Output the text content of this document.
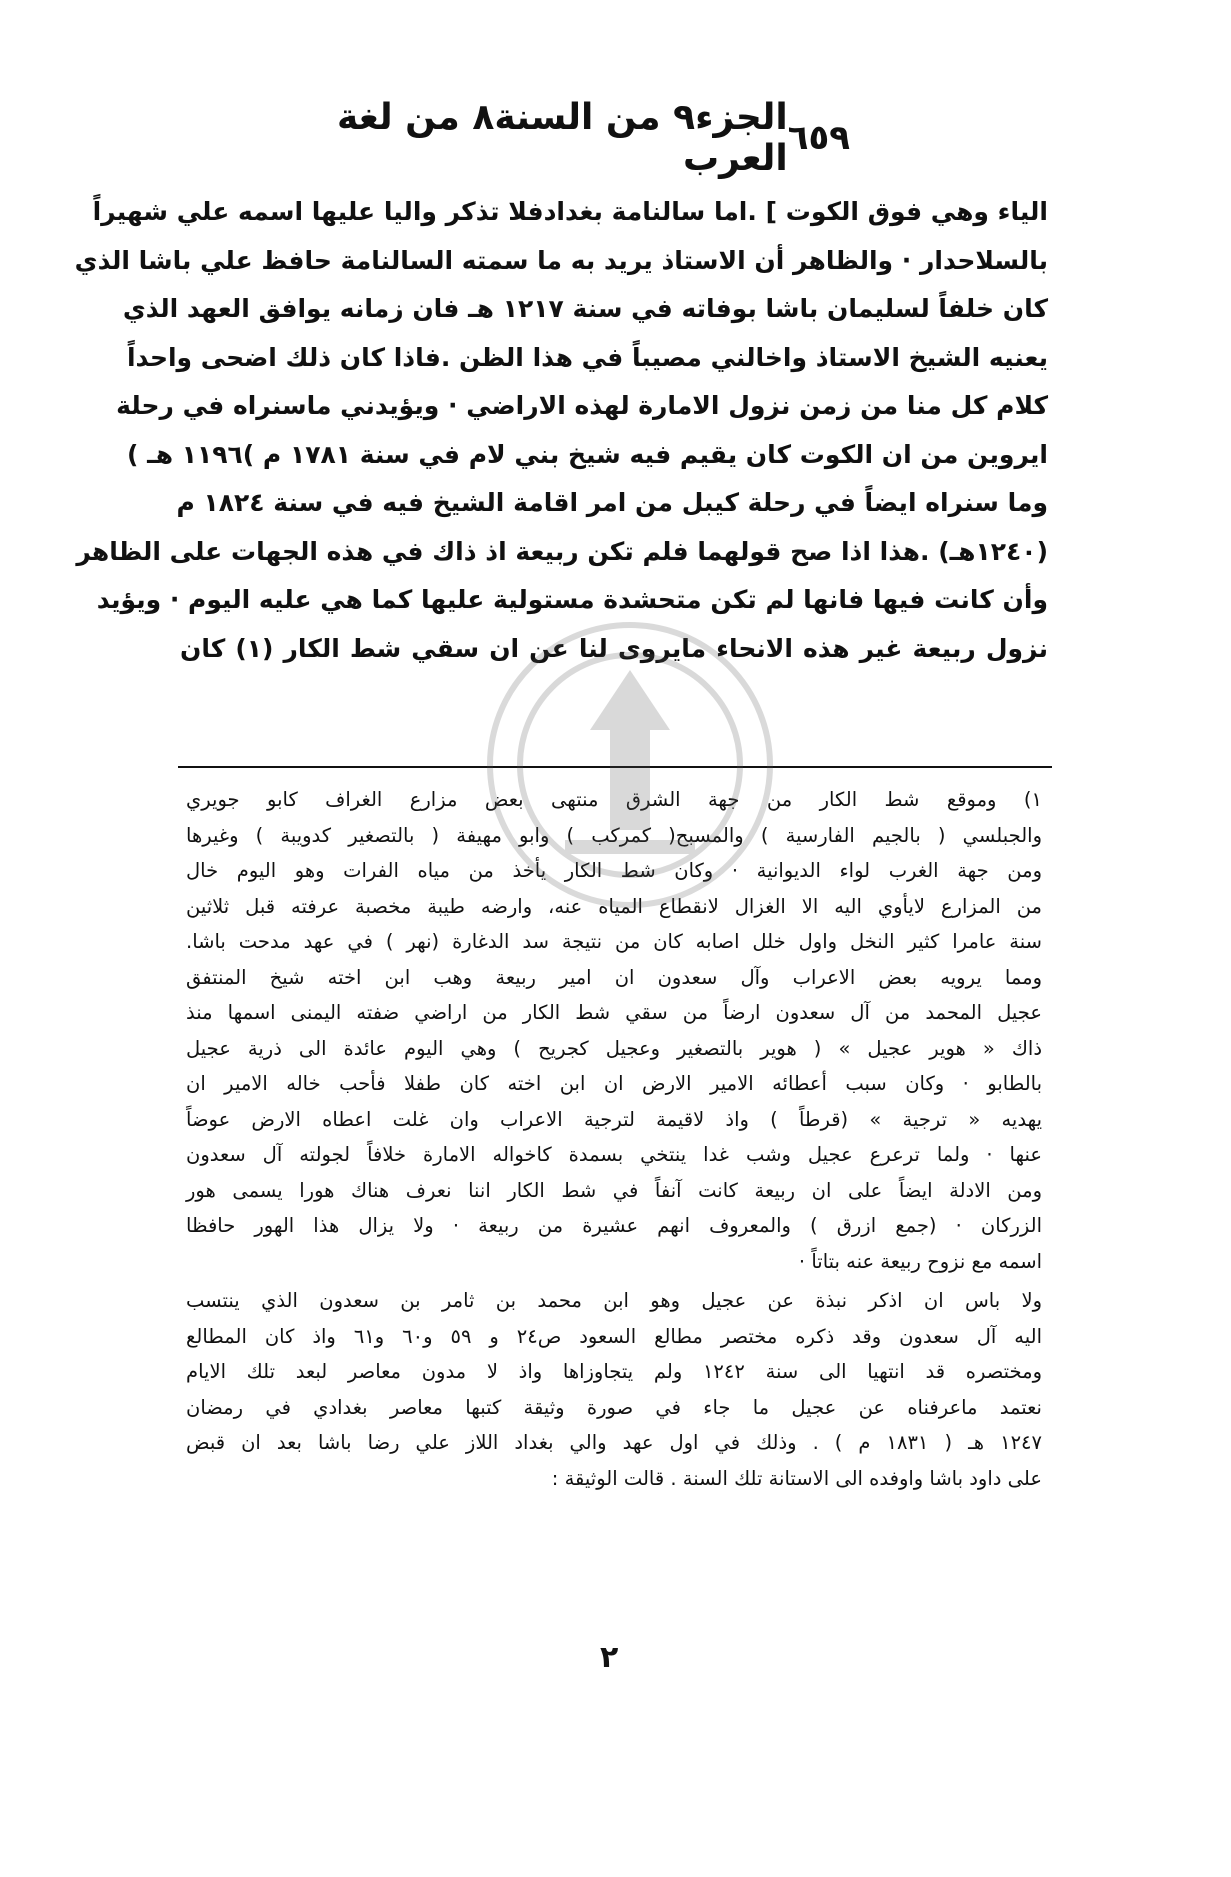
٦٥٩
الجزء٩ من السنة٨ من لغة العرب
الياء وهي فوق الكوت ] .اما سالنامة بغدادفلا تذكر واليا عليها اسمه علي شهيراً
بالسلاحدار · والظاهر أن الاستاذ يريد به ما سمته السالنامة حافظ علي باشا الذي
كان خلفاً لسليمان باشا بوفاته في سنة ١٢١٧ هـ فان زمانه يوافق العهد الذي
يعنيه الشيخ الاستاذ واخالني مصيباً في هذا الظن .فاذا كان ذلك اضحى واحداً
كلام كل منا من زمن نزول الامارة لهذه الاراضي · ويؤيدني ماسنراه في رحلة
ايروين من ان الكوت كان يقيم فيه شيخ بني لام في سنة ١٧٨١ م )١١٩٦ هـ )
وما سنراه ايضاً في رحلة كيبل من امر اقامة الشيخ فيه في سنة ١٨٢٤ م
(١٢٤٠هـ) .هذا اذا صح قولهما فلم تكن ربيعة اذ ذاك في هذه الجهات على الظاهر
وأن كانت فيها فانها لم تكن متحشدة مستولية عليها كما هي عليه اليوم · ويؤيد
نزول ربيعة غير هذه الانحاء مايروى لنا عن ان سقي شط الكار (١) كان
١) وموقع شط الكار من جهة الشرق منتهى بعض مزارع الغراف كابو جويري
والجبلسي ( بالجيم الفارسية ) والمسبح( كمركب ) وابو مهيفة ( بالتصغير كدويبة ) وغيرها
ومن جهة الغرب لواء الديوانية · وكان شط الكار يأخذ من مياه الفرات وهو اليوم خال
من المزارع لايأوي اليه الا الغزال لانقطاع المياه عنه، وارضه طيبة مخصبة عرفته قبل ثلاثين
سنة عامرا كثير النخل واول خلل اصابه كان من نتيجة سد الدغارة (نهر ) في عهد مدحت باشا.
ومما يرويه بعض الاعراب وآل سعدون ان امير ربيعة وهب ابن اخته شيخ المنتفق
عجيل المحمد من آل سعدون ارضاً من سقي شط الكار من اراضي ضفته اليمنى اسمها منذ
ذاك « هوير عجيل » ( هوير بالتصغير وعجيل كجريح ) وهي اليوم عائدة الى ذرية عجيل
بالطابو · وكان سبب أعطائه الامير الارض ان ابن اخته كان طفلا فأحب خاله الامير ان
يهديه « ترجية » (قرطاً ) واذ لاقيمة لترجية الاعراب وان غلت اعطاه الارض عوضاً
عنها · ولما ترعرع عجيل وشب غدا ينتخي بسمدة كاخواله الامارة خلافاً لجولته آل سعدون
ومن الادلة ايضاً على ان ربيعة كانت آنفاً في شط الكار اننا نعرف هناك هورا يسمى هور
الزركان · (جمع ازرق ) والمعروف انهم عشيرة من ربيعة · ولا يزال هذا الهور حافظا
اسمه مع نزوح ربيعة عنه بتاتاً ·
ولا باس ان اذكر نبذة عن عجيل وهو ابن محمد بن ثامر بن سعدون الذي ينتسب
اليه آل سعدون وقد ذكره مختصر مطالع السعود ص٢٤ و ٥٩ و٦٠ و٦١ واذ كان المطالع
ومختصره قد انتهيا الى سنة ١٢٤٢ ولم يتجاوزاها واذ لا مدون معاصر لبعد تلك الايام
نعتمد ماعرفناه عن عجيل ما جاء في صورة وثيقة كتبها معاصر بغدادي في رمضان
١٢٤٧ هـ ( ١٨٣١ م ) . وذلك في اول عهد والي بغداد اللاز علي رضا باشا بعد ان قبض
على داود باشا واوفده الى الاستانة تلك السنة . قالت الوثيقة :
٢
